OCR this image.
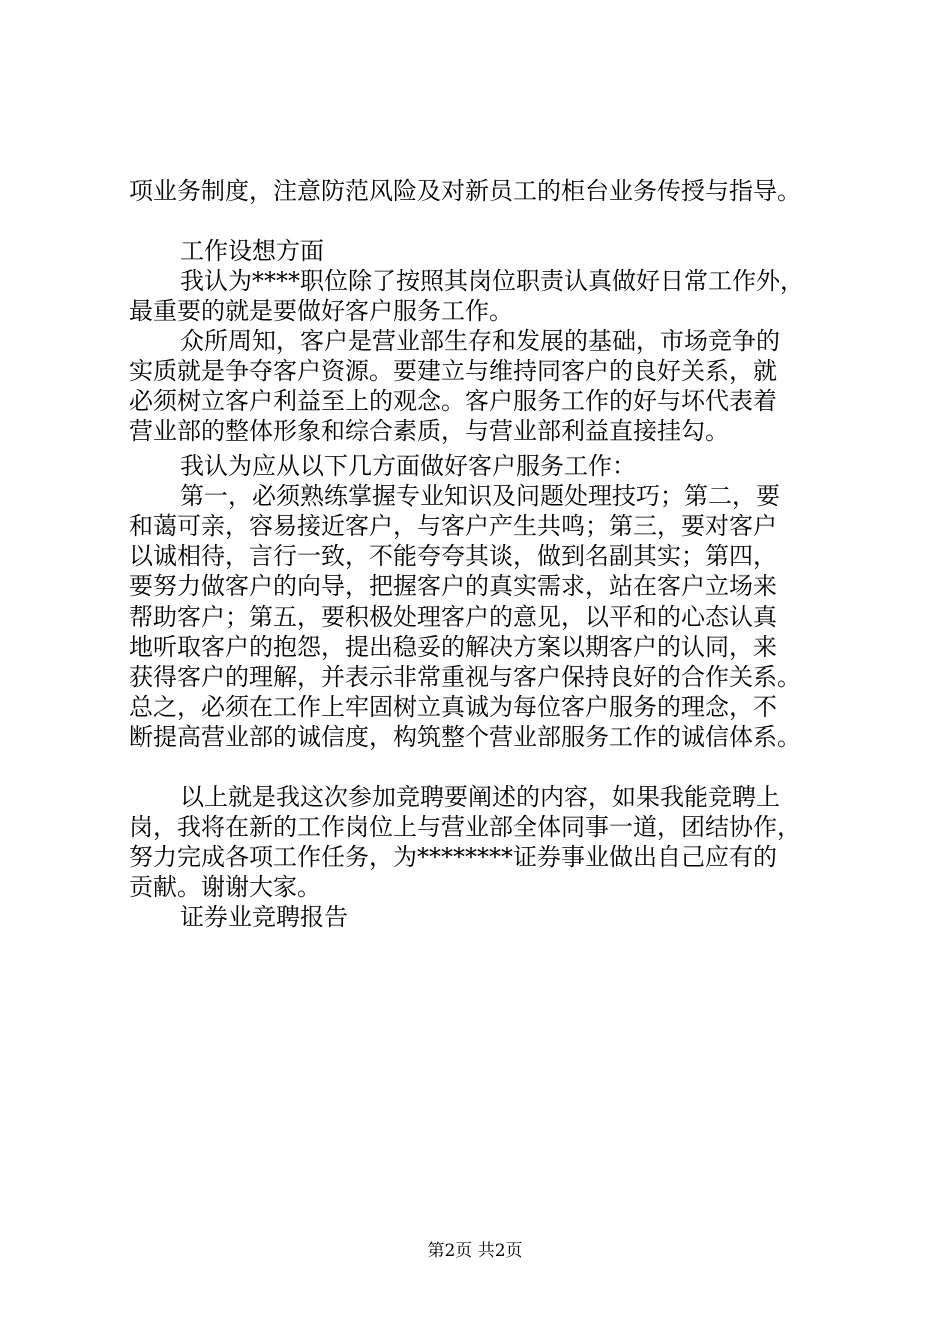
项业务制度，注意防范风险及对新员工的柜台业务传授与指导。
工作设想方面
我认为****职位除了按照其岗位职责认真做好日常工作外，
最重要的就是要做好客户服务工作。
众所周知，客户是营业部生存和发展的基础，市场竞争的
实质就是争夺客户资源。要建立与维持同客户的良好关系，就
必须树立客户利益至上的观念。客户服务工作的好与坏代表着
营业部的整体形象和综合素质，与营业部利益直接挂勾。
我认为应从以下几方面做好客户服务工作：
第一，必须熟练掌握专业知识及问题处理技巧；第二，要
和蔼可亲，容易接近客户，与客户产生共鸣；第三，要对客户
以诚相待，言行一致，不能夸夸其谈，做到名副其实；第四，
要努力做客户的向导，把握客户的真实需求，站在客户立场来
帮助客户；第五，要积极处理客户的意见，以平和的心态认真
地听取客户的抱怨，提出稳妥的解决方案以期客户的认同，来
获得客户的理解，并表示非常重视与客户保持良好的合作关系。
总之，必须在工作上牢固树立真诚为每位客户服务的理念，不
断提高营业部的诚信度，构筑整个营业部服务工作的诚信体系。
以上就是我这次参加竞聘要阐述的内容，如果我能竞聘上
岗，我将在新的工作岗位上与营业部全体同事一道，团结协作，
努力完成各项工作任务，为********证券事业做出自己应有的
贡献。谢谢大家。
证券业竞聘报告
第2页 共2页
